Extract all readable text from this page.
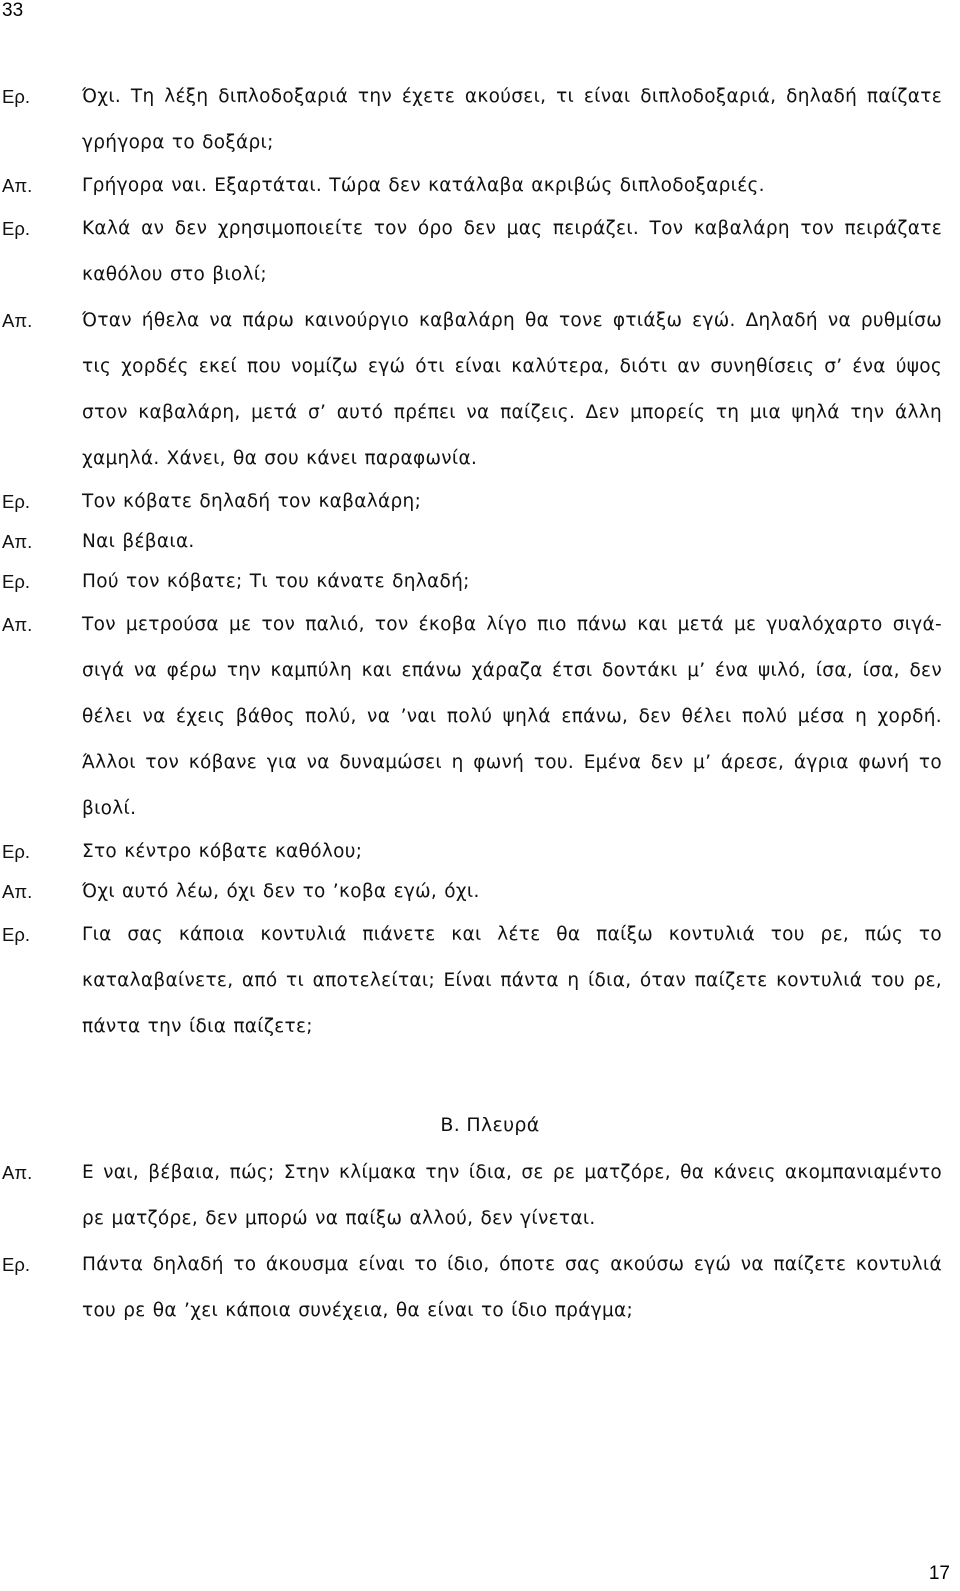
33
Ερ.	Όχι. Τη λέξη διπλοδοξαριά την έχετε ακούσει, τι είναι διπλοδοξαριά, δηλαδή παίζατε γρήγορα το δοξάρι;
Απ.	Γρήγορα ναι. Εξαρτάται. Τώρα δεν κατάλαβα ακριβώς διπλοδοξαριές.
Ερ.	Καλά αν δεν χρησιμοποιείτε τον όρο δεν μας πειράζει. Τον καβαλάρη τον πειράζατε καθόλου στο βιολί;
Απ.	Όταν ήθελα να πάρω καινούργιο καβαλάρη θα τονε φτιάξω εγώ. Δηλαδή να ρυθμίσω τις χορδές εκεί που νομίζω εγώ ότι είναι καλύτερα, διότι αν συνηθίσεις σ’ ένα ύψος στον καβαλάρη, μετά σ’ αυτό πρέπει να παίζεις. Δεν μπορείς τη μια ψηλά την άλλη χαμηλά. Χάνει, θα σου κάνει παραφωνία.
Ερ.	Τον κόβατε δηλαδή τον καβαλάρη;
Απ.	Ναι βέβαια.
Ερ.	Πού τον κόβατε; Τι του κάνατε δηλαδή;
Απ.	Τον μετρούσα με τον παλιό, τον έκοβα λίγο πιο πάνω και μετά με γυαλόχαρτο σιγά-σιγά να φέρω την καμπύλη και επάνω χάραζα έτσι δοντάκι μ’ ένα ψιλό, ίσα, ίσα, δεν θέλει να έχεις βάθος πολύ, να ’ναι πολύ ψηλά επάνω, δεν θέλει πολύ μέσα η χορδή. Άλλοι τον κόβανε για να δυναμώσει η φωνή του. Εμένα δεν μ’ άρεσε, άγρια φωνή το βιολί.
Ερ.	Στο κέντρο κόβατε καθόλου;
Απ.	Όχι αυτό λέω, όχι δεν το ’κοβα εγώ, όχι.
Ερ.	Για σας κάποια κοντυλιά πιάνετε και λέτε θα παίξω κοντυλιά του ρε, πώς το καταλαβαίνετε, από τι αποτελείται; Είναι πάντα η ίδια, όταν παίζετε κοντυλιά του ρε, πάντα την ίδια παίζετε;
Β. Πλευρά
Απ.	Ε ναι, βέβαια, πώς; Στην κλίμακα την ίδια, σε ρε ματζόρε, θα κάνεις ακομπανιαμέντο ρε ματζόρε, δεν μπορώ να παίξω αλλού, δεν γίνεται.
Ερ.	Πάντα δηλαδή το άκουσμα είναι το ίδιο, όποτε σας ακούσω εγώ να παίζετε κοντυλιά του ρε θα ’χει κάποια συνέχεια, θα είναι το ίδιο πράγμα;
17
